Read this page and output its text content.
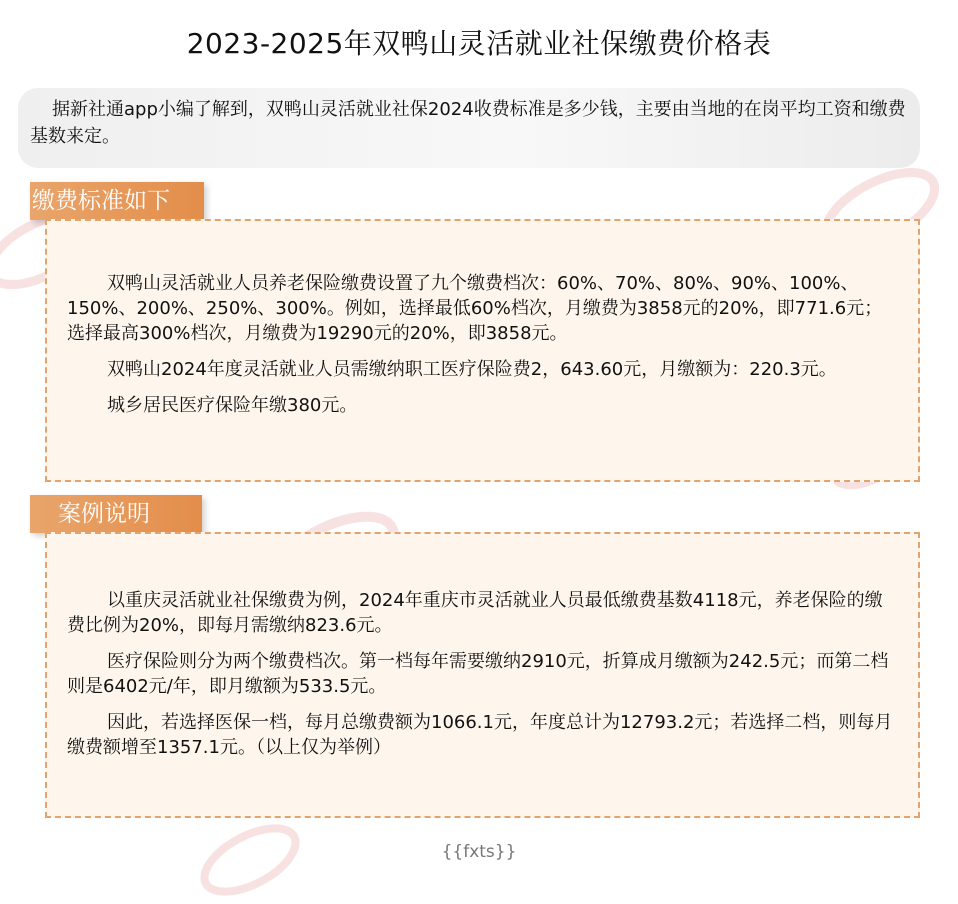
2023-2025年双鸭山灵活就业社保缴费价格表

据新社通app小编了解到，双鸭山灵活就业社保2024收费标准是多少钱，主要由当地的在岗平均工资和缴费基数来定。

缴费标准如下

双鸭山灵活就业人员养老保险缴费设置了九个缴费档次：60%、70%、80%、90%、100%、150%、200%、250%、300%。例如，选择最低60%档次，月缴费为3858元的20%，即771.6元；选择最高300%档次，月缴费为19290元的20%，即3858元。

双鸭山2024年度灵活就业人员需缴纳职工医疗保险费2，643.60元，月缴额为：220.3元。

城乡居民医疗保险年缴380元。

案例说明

以重庆灵活就业社保缴费为例，2024年重庆市灵活就业人员最低缴费基数4118元，养老保险的缴费比例为20%，即每月需缴纳823.6元。

医疗保险则分为两个缴费档次。第一档每年需要缴纳2910元，折算成月缴额为242.5元；而第二档则是6402元/年，即月缴额为533.5元。

因此，若选择医保一档，每月总缴费额为1066.1元，年度总计为12793.2元；若选择二档，则每月缴费额增至1357.1元。（以上仅为举例）

{{fxts}}
